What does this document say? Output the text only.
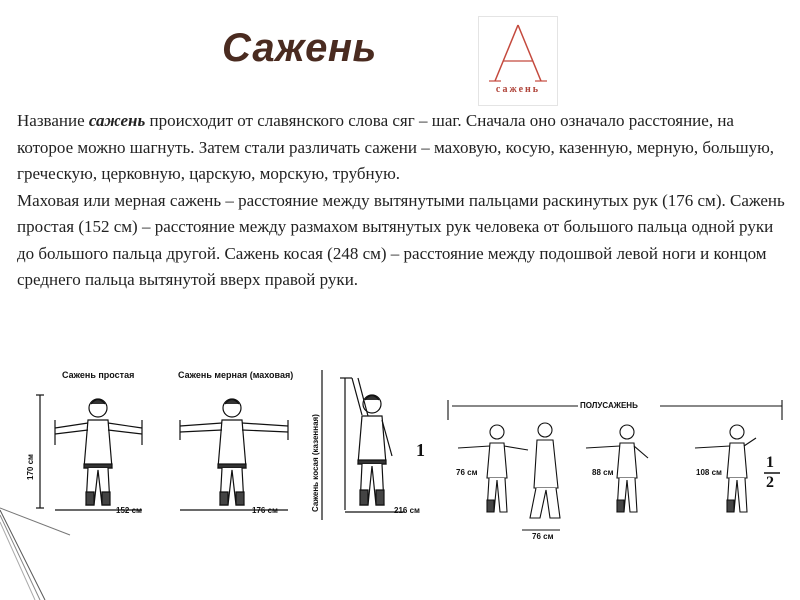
Сажень
сажень

Название сажень происходит от славянского слова сяг – шаг. Сначала оно означало расстояние, на которое можно шагнуть. Затем стали различать сажени – маховую, косую, казенную, мерную, большую, греческую, церковную, царскую, морскую, трубную.

Маховая или мерная сажень – расстояние между вытянутыми пальцами раскинутых рук (176 см). Сажень простая (152 см) – расстояние между размахом вытянутых рук человека от большого пальца одной руки до большого пальца другой. Сажень косая (248 см) – расстояние между подошвой левой ноги и концом среднего пальца вытянутой вверх правой руки.

Сажень простая
170 см
152 см
Сажень мерная (маховая)
176 см	Сажень косая (казенная)	216 см
1
ПОЛУСАЖЕНЬ
76 см
76 см
88 см	108 см
1
2
